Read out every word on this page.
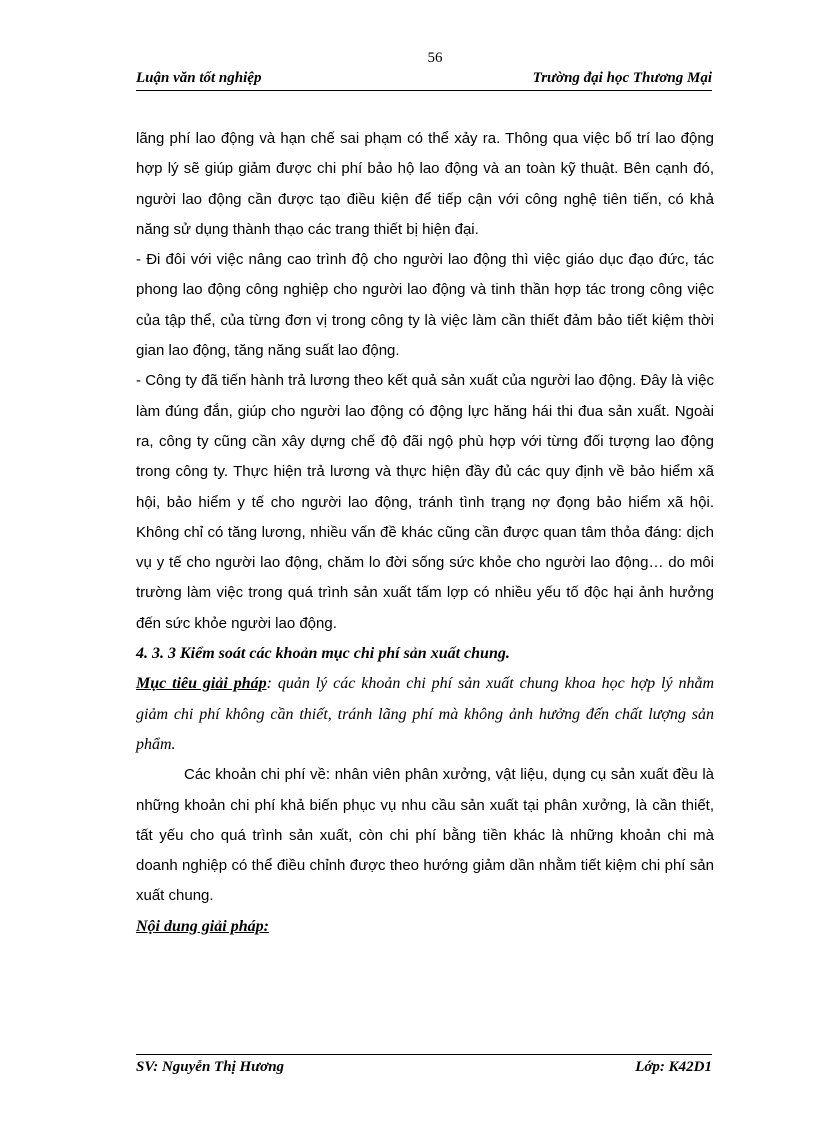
56
Luận văn tốt nghiệp	Trường đại học Thương Mại

lãng phí lao động và hạn chế sai phạm có thể xảy ra. Thông qua việc bố trí lao động hợp lý sẽ giúp giảm được chi phí bảo hộ lao động và an toàn kỹ thuật. Bên cạnh đó, người lao động cần được tạo điều kiện để tiếp cận với công nghệ tiên tiến, có khả năng sử dụng thành thạo các trang thiết bị hiện đại.

- Đi đôi với việc nâng cao trình độ cho người lao động thì việc giáo dục đạo đức, tác phong lao động công nghiệp cho người lao động và tinh thần hợp tác trong công việc của tập thể, của từng đơn vị trong công ty là việc làm cần thiết đảm bảo tiết kiệm thời gian lao động, tăng năng suất lao động.

- Công ty đã tiến hành trả lương theo kết quả sản xuất của người lao động. Đây là việc làm đúng đắn, giúp cho người lao động có động lực hăng hái thi đua sản xuất. Ngoài ra, công ty cũng cần xây dựng chế độ đãi ngộ phù hợp với từng đối tượng lao động trong công ty. Thực hiện trả lương và thực hiện đầy đủ các quy định về bảo hiểm xã hội, bảo hiểm y tế cho người lao động, tránh tình trạng nợ đọng bảo hiểm xã hội. Không chỉ có tăng lương, nhiều vấn đề khác cũng cần được quan tâm thỏa đáng: dịch vụ y tế cho người lao động, chăm lo đời sống sức khỏe cho người lao động… do môi trường làm việc trong quá trình sản xuất tấm lợp có nhiều yếu tố độc hại ảnh hưởng đến sức khỏe người lao động.

4. 3. 3 Kiểm soát các khoản mục chi phí sản xuất chung.

Mục tiêu giải pháp: quản lý các khoản chi phí sản xuất chung khoa học hợp lý nhằm giảm chi phí không cần thiết, tránh lãng phí mà không ảnh hưởng đến chất lượng sản phẩm.

Các khoản chi phí về: nhân viên phân xưởng, vật liệu, dụng cụ sản xuất đều là những khoản chi phí khả biến phục vụ nhu cầu sản xuất tại phân xưởng, là cần thiết, tất yếu cho quá trình sản xuất, còn chi phí bằng tiền khác là những khoản chi mà doanh nghiệp có thể điều chỉnh được theo hướng giảm dần nhằm tiết kiệm chi phí sản xuất chung.

Nội dung giải pháp:

SV: Nguyễn Thị Hương	Lớp: K42D1
